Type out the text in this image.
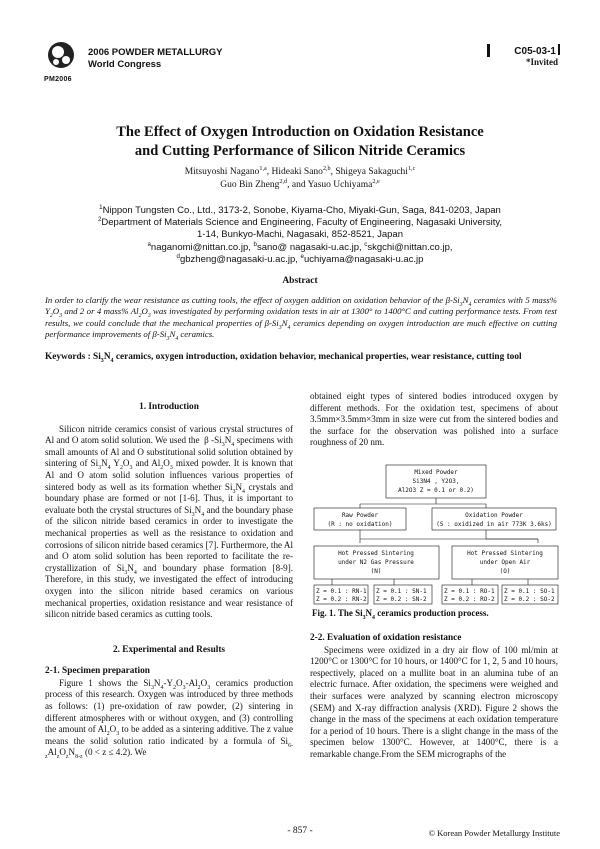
PM2006
2006 POWDER METALLURGY
World Congress
C05-03-1
*Invited
The Effect of Oxygen Introduction on Oxidation Resistance
and Cutting Performance of Silicon Nitride Ceramics
Mitsuyoshi Nagano$^{1,a}$, Hideaki Sano$^{2,b}$, Shigeya Sakaguchi$^{1,c}$
Guo Bin Zheng$^{2,d}$, and Yasuo Uchiyama$^{2,e}$
$^1$Nippon Tungsten Co., Ltd., 3173-2, Sonobe, Kiyama-Cho, Miyaki-Gun, Saga, 841-0203, Japan
$^2$Department of Materials Science and Engineering, Faculty of Engineering, Nagasaki University,
1-14, Bunkyo-Machi, Nagasaki, 852-8521, Japan
$^a$naganomi@nittan.co.jp, $^b$sano@ nagasaki-u.ac.jp, $^c$skgchi@nittan.co.jp,
$^d$gbzheng@nagasaki-u.ac.jp, $^e$uchiyama@nagasaki-u.ac.jp
Abstract
In order to clarify the wear resistance as cutting tools, the effect of oxygen addition on oxidation behavior of the $\beta-Si_3N_4$ ceramics with 5 mass% $Y_2O_3$ and 2 or 4 mass% $Al_2O_3$ was investigated by performing oxidation tests in air at 1300° to 1400°C and cutting performance tests. From test results, we could conclude that the mechanical properties of $\beta-Si_3N_4$ ceramics depending on oxygen introduction are much effective on cutting performance improvements of $\beta-Si_3N_4$ ceramics.
Keywords : $Si_3N_4$ ceramics, oxygen introduction, oxidation behavior, mechanical properties, wear resistance, cutting tool
1. Introduction

Silicon nitride ceramics consist of various crystal structures of Al and O atom solid solution. We used the  β $-Si_3N_4$ specimens with small amounts of Al and O substitutional solid solution obtained by sintering of $Si_3N_4$ $Y_2O_3$ and $Al_2O_3$ mixed powder. It is known that Al and O atom solid solution influences various properties of sintered body as well as its formation whether $Si_3N_4$ crystals and boundary phase are formed or not [1-6]. Thus, it is important to evaluate both the crystal structures of $Si_3N_4$ and the boundary phase of the silicon nitride based ceramics in order to investigate the mechanical properties as well as the resistance to oxidation and corrosions of silicon nitride based ceramics [7]. Furthermore, the Al and O atom solid solution has been reported to facilitate the re-crystallization of $Si_3N_4$ and boundary phase formation [8-9]. Therefore, in this study, we investigated the effect of introducing oxygen into the silicon nitride based ceramics on various mechanical properties, oxidation resistance and wear resistance of silicon nitride based ceramics as cutting tools.

2. Experimental and Results
2-1. Specimen preparation

Figure 1 shows the $Si_3N_4-Y_2O_3-Al_2O_3$ ceramics production process of this research. Oxygen was introduced by three methods as follows: (1) pre-oxidation of raw powder, (2) sintering in different atmospheres with or without oxygen, and (3) controlling the amount of $Al_2O_3$ to be added as a sintering additive. The z value means the solid solution ratio indicated by a formula of $Si_{6-z}Al_zO_zN_{8-z}$ (0 < z ≤ 4.2). We

obtained eight types of sintered bodies introduced oxygen by different methods. For the oxidation test, specimens of about 3.5mm×3.5mm×3mm in size were cut from the sintered bodies and the surface for the observation was polished into a surface roughness of 20 nm.

Mixed Powder
Si3N4 , Y2O3,
Al2O3 Z = 0.1 or 0.2)
Raw Powder
(R : no oxidation)
Oxidation Powder
(S : oxidized in air 773K 3.6ks)
Hot Pressed Sintering
under N2 Gas Pressure
(N)
Hot Pressed Sintering
under Open Air
(O)
Z = 0.1 : RN-1
Z = 0.2 : RN-2
Z = 0.1 : SN-1
Z = 0.2 : SN-2
Z = 0.1 : RO-1
Z = 0.2 : RO-2
Z = 0.1 : SO-1
Z = 0.2 : SO-2
Fig. 1. The $Si_3N_4$ ceramics production process.
2-2. Evaluation of oxidation resistance

Specimens were oxidized in a dry air flow of 100 ml/min at 1200°C or 1300°C for 10 hours, or 1400°C for 1, 2, 5 and 10 hours, respectively, placed on a mullite boat in an alumina tube of an electric furnace. After oxidation, the specimens were weighed and their surfaces were analyzed by scanning electron microscopy (SEM) and X-ray diffraction analysis (XRD). Figure 2 shows the change in the mass of the specimens at each oxidation temperature for a period of 10 hours. There is a slight change in the mass of the specimen below 1300°C. However, at 1400°C, there is a remarkable change.From the SEM micrographs of the

- 857 -	© Korean Powder Metallurgy Institute
